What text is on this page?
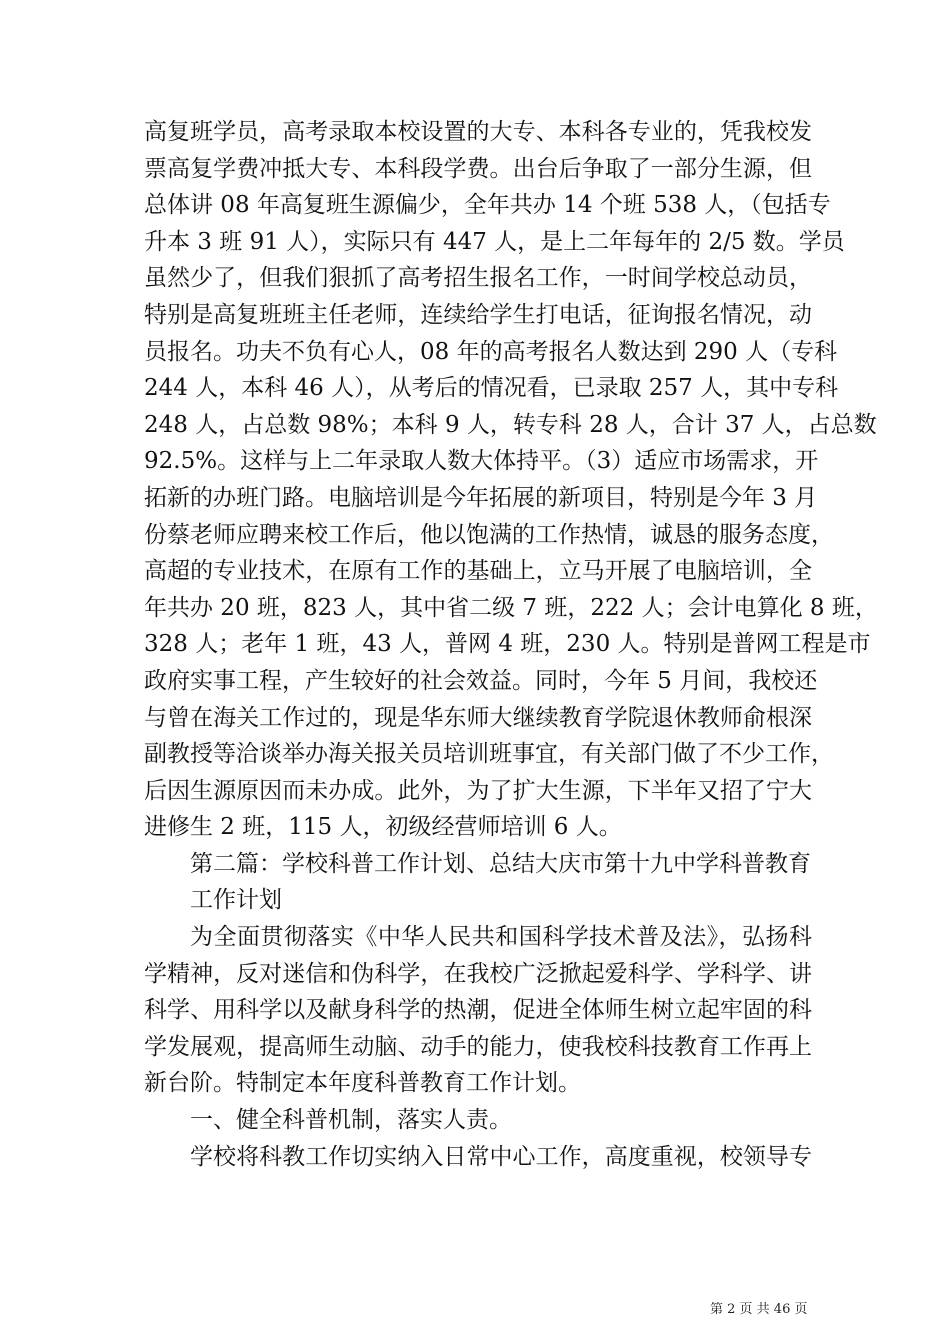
高复班学员，高考录取本校设置的大专、本科各专业的，凭我校发
票高复学费冲抵大专、本科段学费。出台后争取了一部分生源，但
总体讲 08 年高复班生源偏少，全年共办 14 个班 538 人，（包括专
升本 3 班 91 人），实际只有 447 人，是上二年每年的 2/5 数。学员
虽然少了，但我们狠抓了高考招生报名工作，一时间学校总动员，
特别是高复班班主任老师，连续给学生打电话，征询报名情况，动
员报名。功夫不负有心人，08 年的高考报名人数达到 290 人（专科
244 人，本科 46 人），从考后的情况看，已录取 257 人，其中专科
248 人，占总数 98%；本科 9 人，转专科 28 人，合计 37 人，占总数
92.5%。这样与上二年录取人数大体持平。（3）适应市场需求，开
拓新的办班门路。电脑培训是今年拓展的新项目，特别是今年 3 月
份蔡老师应聘来校工作后，他以饱满的工作热情，诚恳的服务态度，
高超的专业技术，在原有工作的基础上，立马开展了电脑培训，全
年共办 20 班，823 人，其中省二级 7 班，222 人；会计电算化 8 班，
328 人；老年 1 班，43 人，普网 4 班，230 人。特别是普网工程是市
政府实事工程，产生较好的社会效益。同时，今年 5 月间，我校还
与曾在海关工作过的，现是华东师大继续教育学院退休教师俞根深
副教授等洽谈举办海关报关员培训班事宜，有关部门做了不少工作，
后因生源原因而未办成。此外，为了扩大生源，下半年又招了宁大
进修生 2 班，115 人，初级经营师培训 6 人。
第二篇：学校科普工作计划、总结大庆市第十九中学科普教育
工作计划
为全面贯彻落实《中华人民共和国科学技术普及法》，弘扬科
学精神，反对迷信和伪科学，在我校广泛掀起爱科学、学科学、讲
科学、用科学以及献身科学的热潮，促进全体师生树立起牢固的科
学发展观，提高师生动脑、动手的能力，使我校科技教育工作再上
新台阶。特制定本年度科普教育工作计划。
一、健全科普机制，落实人责。
学校将科教工作切实纳入日常中心工作，高度重视，校领导专
第 2 页 共 46 页
